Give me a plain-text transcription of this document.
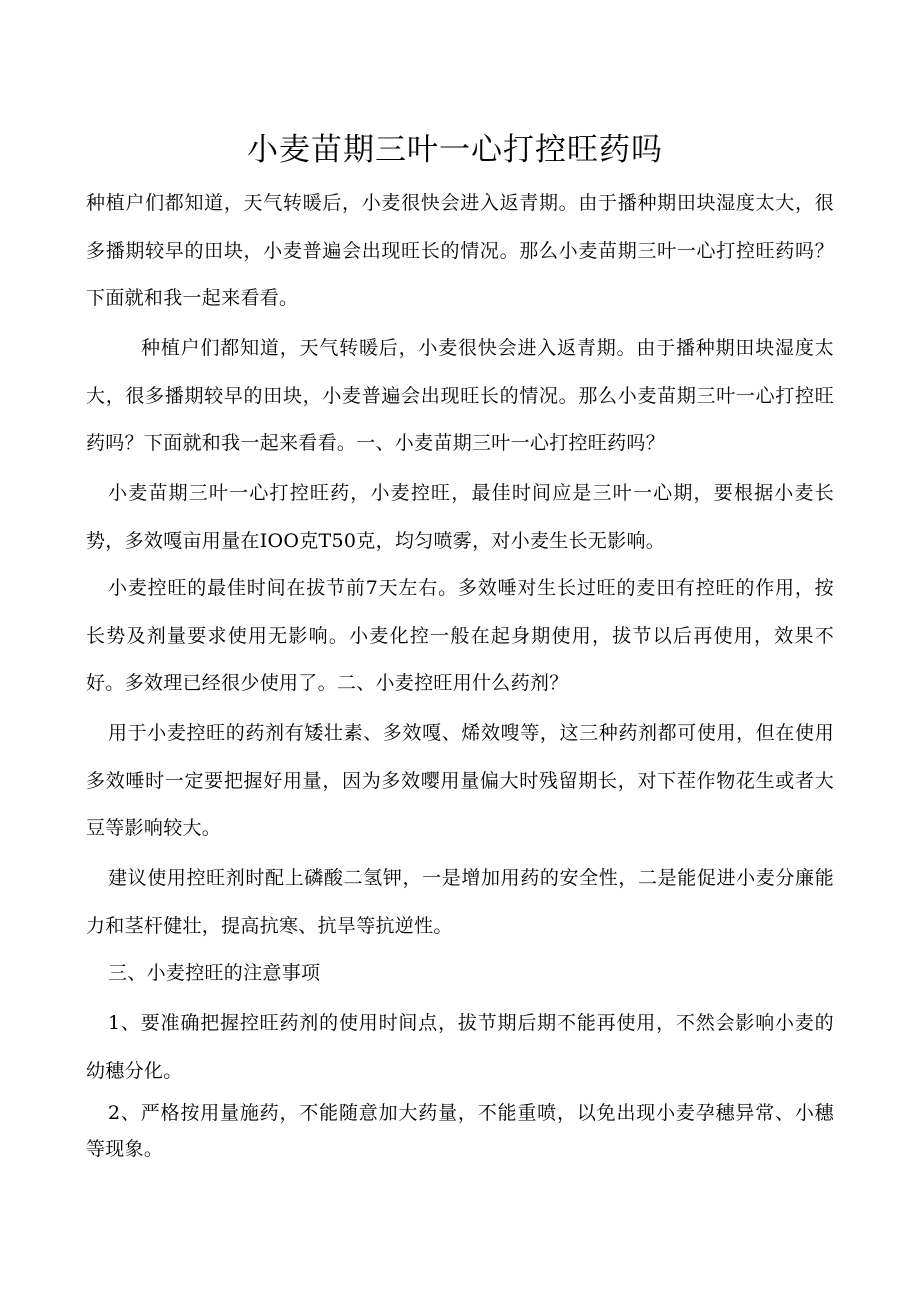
小麦苗期三叶一心打控旺药吗

种植户们都知道，天气转暖后，小麦很快会进入返青期。由于播种期田块湿度太大，很多播期较早的田块，小麦普遍会出现旺长的情况。那么小麦苗期三叶一心打控旺药吗？下面就和我一起来看看。

种植户们都知道，天气转暖后，小麦很快会进入返青期。由于播种期田块湿度太大，很多播期较早的田块，小麦普遍会出现旺长的情况。那么小麦苗期三叶一心打控旺药吗？下面就和我一起来看看。一、小麦苗期三叶一心打控旺药吗？

小麦苗期三叶一心打控旺药，小麦控旺，最佳时间应是三叶一心期，要根据小麦长势，多效嘎亩用量在IOO克T50克，均匀喷雾，对小麦生长无影响。

小麦控旺的最佳时间在拔节前7天左右。多效唾对生长过旺的麦田有控旺的作用，按长势及剂量要求使用无影响。小麦化控一般在起身期使用，拔节以后再使用，效果不好。多效理已经很少使用了。二、小麦控旺用什么药剂？

用于小麦控旺的药剂有矮壮素、多效嘎、烯效嗖等，这三种药剂都可使用，但在使用多效唾时一定要把握好用量，因为多效嘤用量偏大时残留期长，对下茬作物花生或者大豆等影响较大。

建议使用控旺剂时配上磷酸二氢钾，一是增加用药的安全性，二是能促进小麦分廉能力和茎杆健壮，提高抗寒、抗旱等抗逆性。

三、小麦控旺的注意事项

1、要准确把握控旺药剂的使用时间点，拔节期后期不能再使用，不然会影响小麦的幼穗分化。

2、严格按用量施药，不能随意加大药量，不能重喷，以免出现小麦孕穗异常、小穗等现象。
